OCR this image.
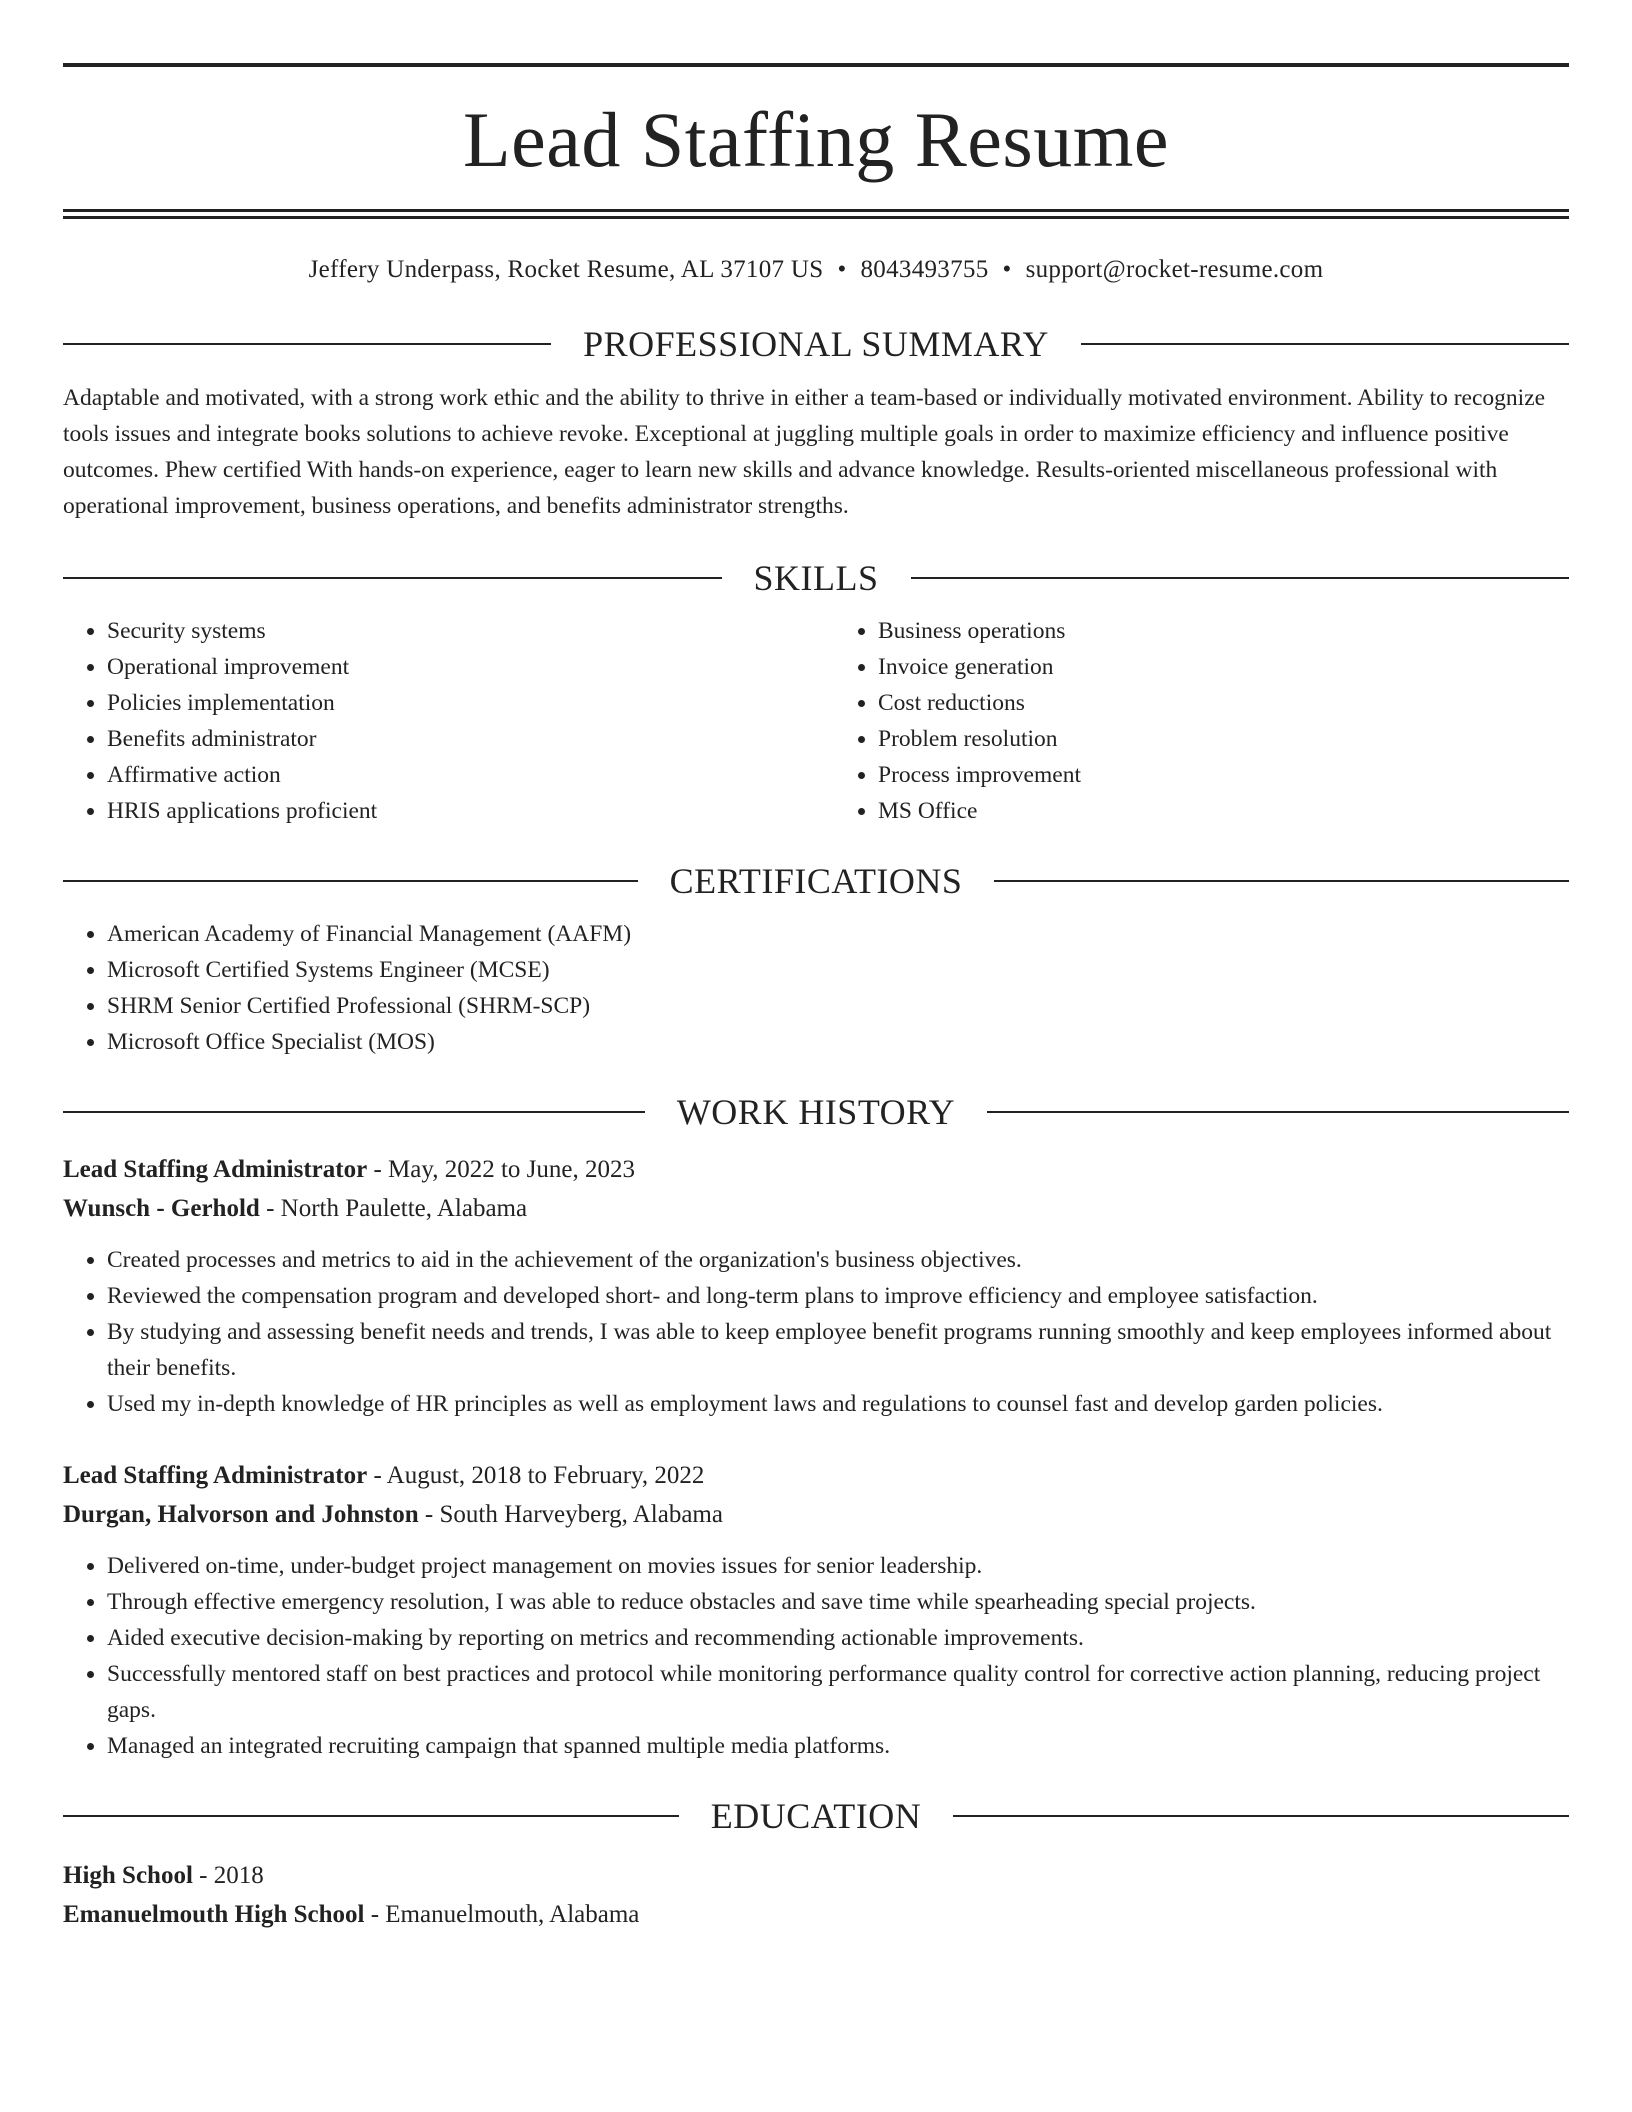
Lead Staffing Resume
Jeffery Underpass, Rocket Resume, AL 37107 US • 8043493755 • support@rocket-resume.com
PROFESSIONAL SUMMARY

Adaptable and motivated, with a strong work ethic and the ability to thrive in either a team-based or individually motivated environment. Ability to recognize tools issues and integrate books solutions to achieve revoke. Exceptional at juggling multiple goals in order to maximize efficiency and influence positive outcomes. Phew certified With hands-on experience, eager to learn new skills and advance knowledge. Results-oriented miscellaneous professional with operational improvement, business operations, and benefits administrator strengths.

SKILLS
• Security systems
• Operational improvement
• Policies implementation
• Benefits administrator
• Affirmative action
• HRIS applications proficient
• Business operations
• Invoice generation
• Cost reductions
• Problem resolution
• Process improvement
• MS Office
CERTIFICATIONS
• American Academy of Financial Management (AAFM)
• Microsoft Certified Systems Engineer (MCSE)
• SHRM Senior Certified Professional (SHRM-SCP)
• Microsoft Office Specialist (MOS)
WORK HISTORY
Lead Staffing Administrator - May, 2022 to June, 2023
Wunsch - Gerhold - North Paulette, Alabama
• Created processes and metrics to aid in the achievement of the organization's business objectives.
• Reviewed the compensation program and developed short- and long-term plans to improve efficiency and employee satisfaction.
• By studying and assessing benefit needs and trends, I was able to keep employee benefit programs running smoothly and keep employees informed about their benefits.
• Used my in-depth knowledge of HR principles as well as employment laws and regulations to counsel fast and develop garden policies.
Lead Staffing Administrator - August, 2018 to February, 2022
Durgan, Halvorson and Johnston - South Harveyberg, Alabama
• Delivered on-time, under-budget project management on movies issues for senior leadership.
• Through effective emergency resolution, I was able to reduce obstacles and save time while spearheading special projects.
• Aided executive decision-making by reporting on metrics and recommending actionable improvements.
• Successfully mentored staff on best practices and protocol while monitoring performance quality control for corrective action planning, reducing project gaps.
• Managed an integrated recruiting campaign that spanned multiple media platforms.
EDUCATION
High School - 2018
Emanuelmouth High School - Emanuelmouth, Alabama
